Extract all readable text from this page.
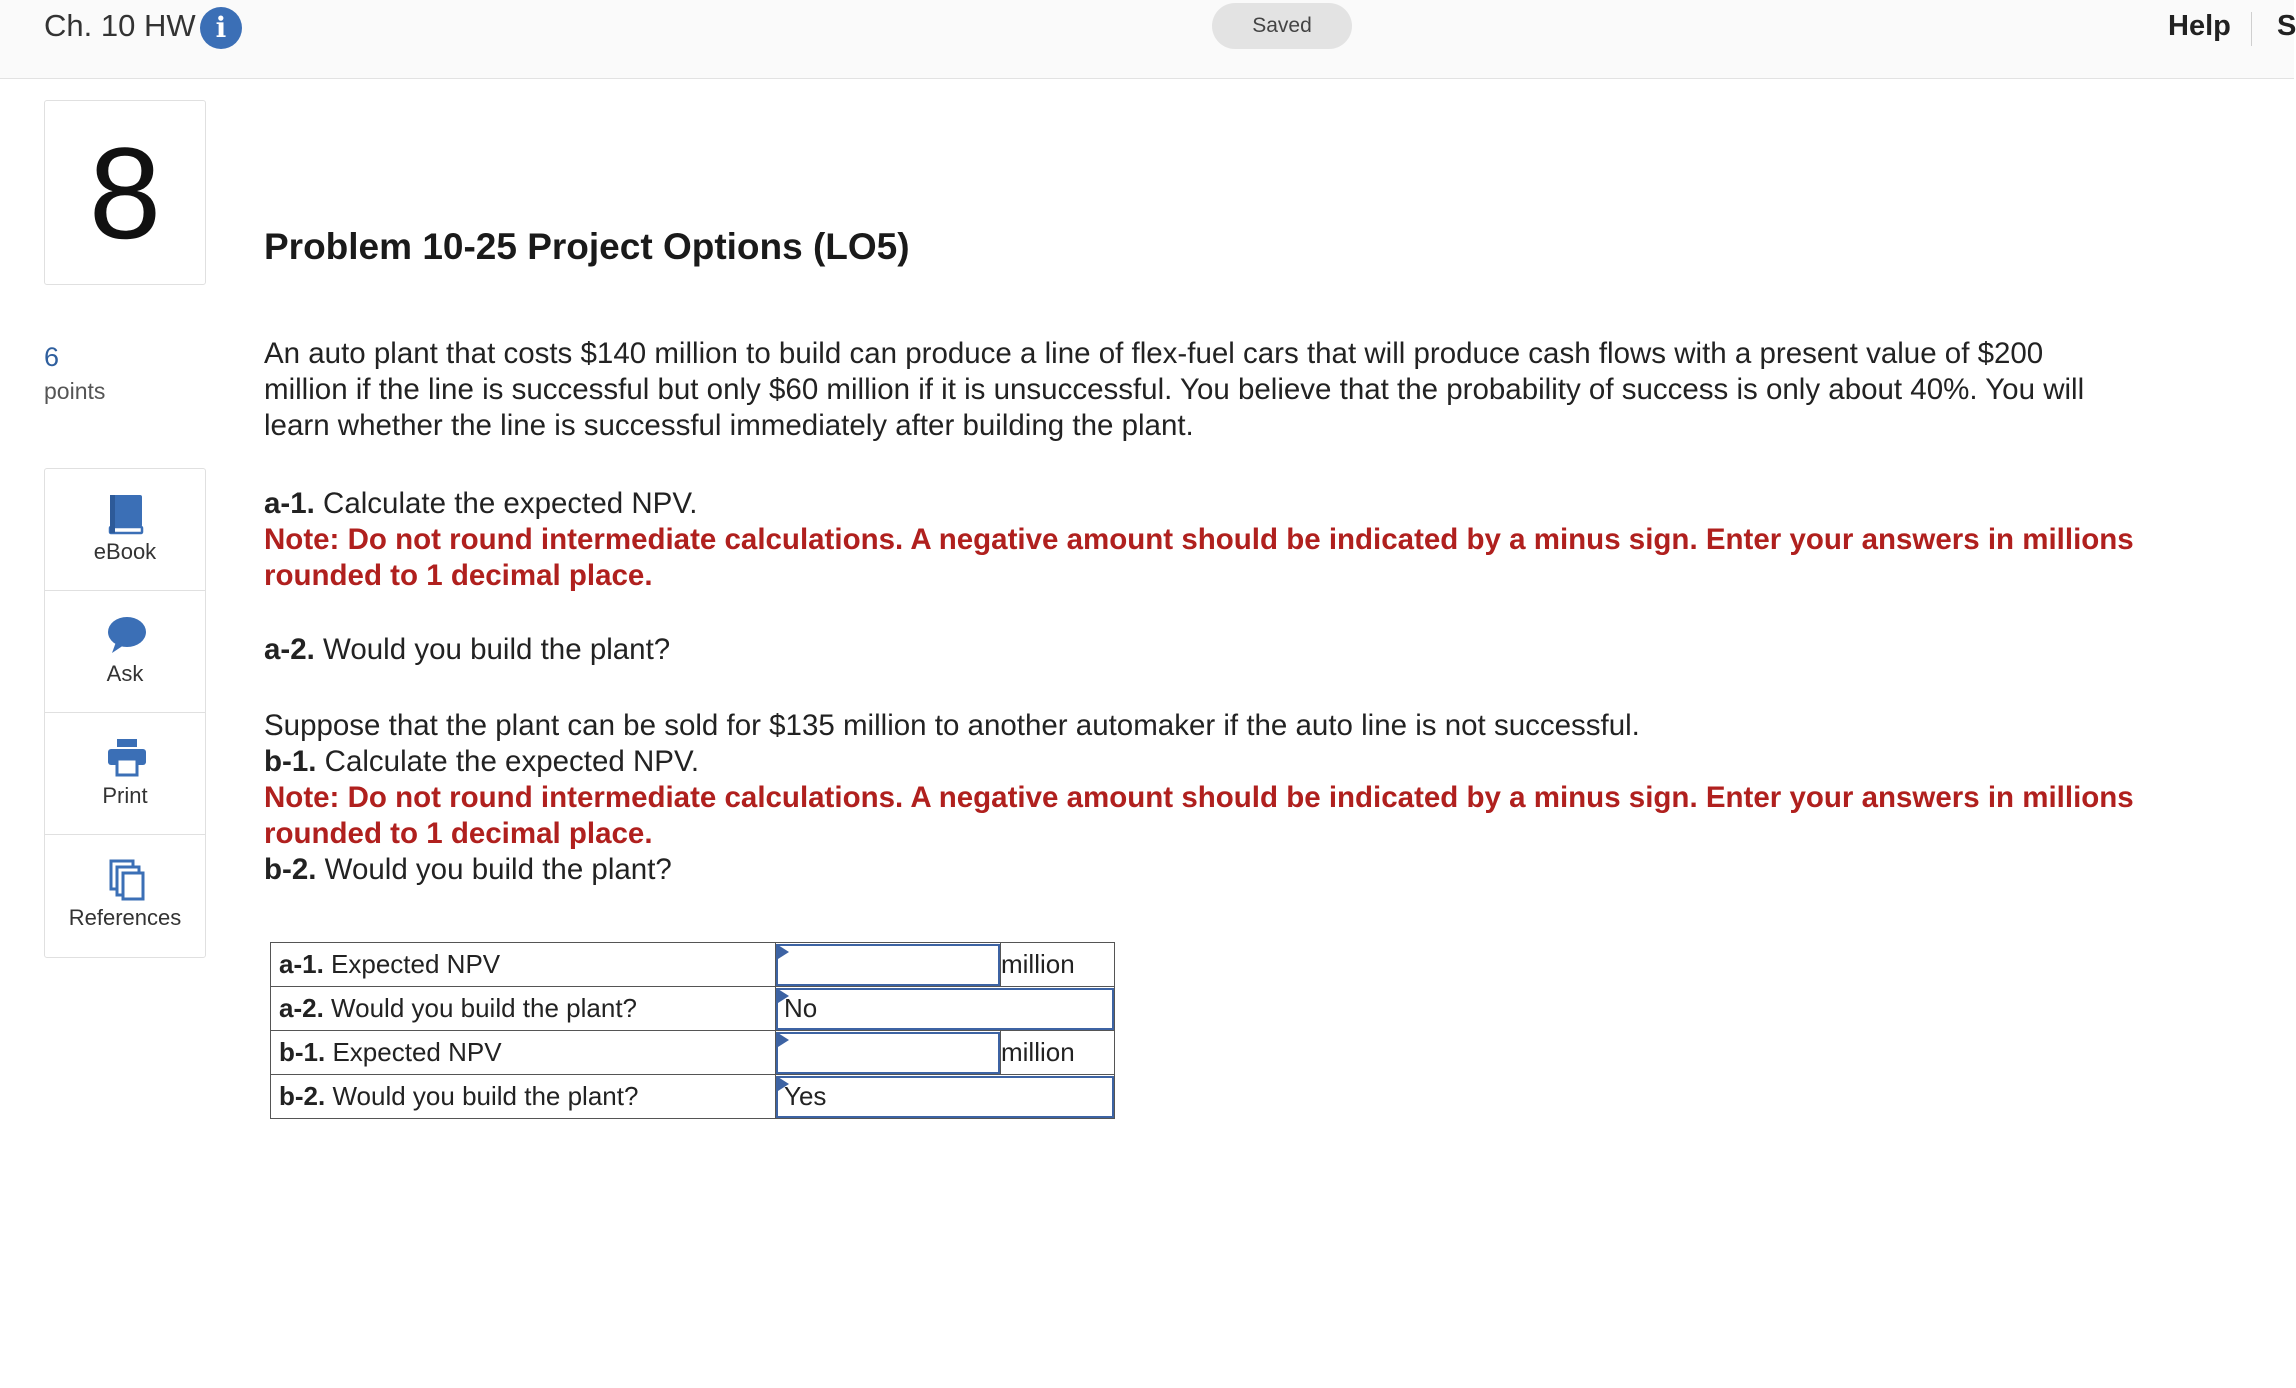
Ch. 10 HW i	Saved	Help S
8
6
points
eBook
Ask
Print
References
Problem 10-25 Project Options (LO5)
An auto plant that costs $140 million to build can produce a line of flex-fuel cars that will produce cash flows with a present value of $200 million if the line is successful but only $60 million if it is unsuccessful. You believe that the probability of success is only about 40%. You will learn whether the line is successful immediately after building the plant.
a-1. Calculate the expected NPV.
Note: Do not round intermediate calculations. A negative amount should be indicated by a minus sign. Enter your answers in millions rounded to 1 decimal place.
a-2. Would you build the plant?
Suppose that the plant can be sold for $135 million to another automaker if the auto line is not successful.
b-1. Calculate the expected NPV.
Note: Do not round intermediate calculations. A negative amount should be indicated by a minus sign. Enter your answers in millions rounded to 1 decimal place.
b-2. Would you build the plant?
a-1. Expected NPV		million
a-2. Would you build the plant?	
No
b-1. Expected NPV		million
b-2. Would you build the plant?	
Yes
